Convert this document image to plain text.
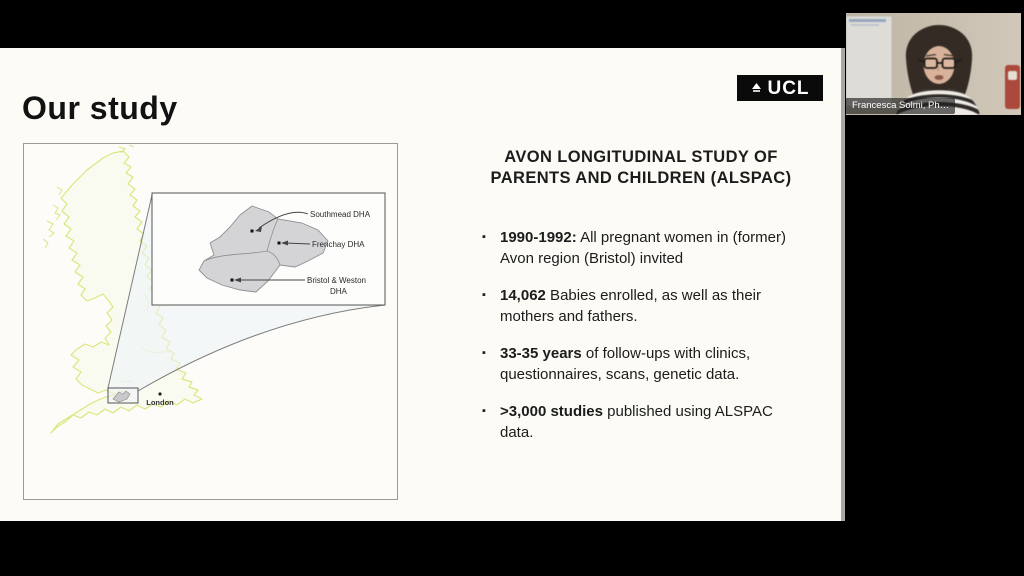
Our study
UCL
London
Southmead DHA
Frenchay DHA
Bristol & Weston
DHA
AVON LONGITUDINAL STUDY OF
PARENTS AND CHILDREN (ALSPAC)
▪ 1990-1992: All pregnant women in (former) Avon region (Bristol) invited
▪ 14,062 Babies enrolled, as well as their mothers and fathers.
▪ 33-35 years of follow-ups with clinics, questionnaires, scans, genetic data.
▪ >3,000 studies published using ALSPAC data.
Francesca Solmi, Ph…
